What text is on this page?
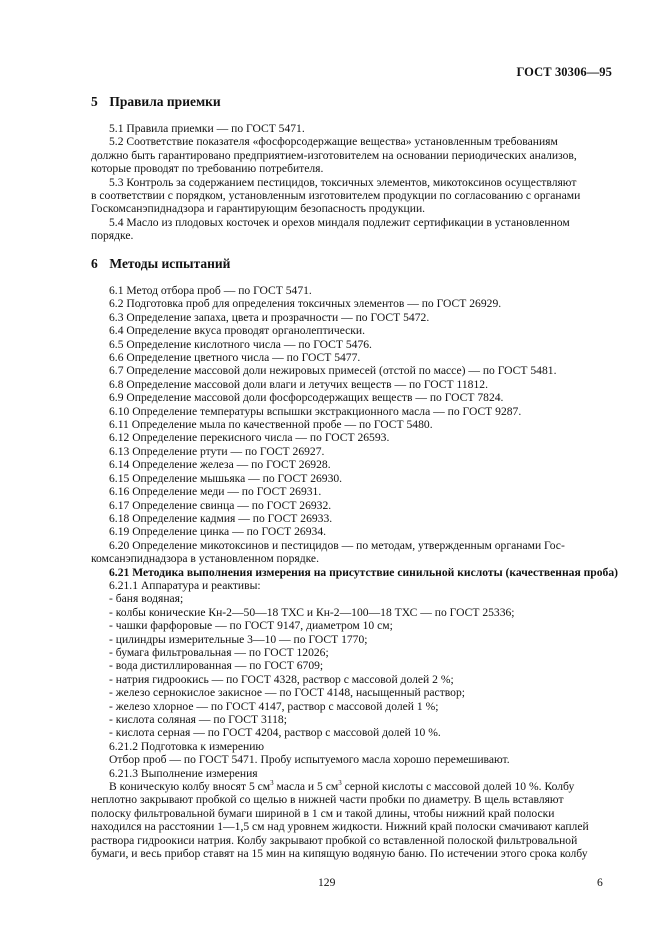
ГОСТ 30306—95
5 Правила приемки
5.1 Правила приемки — по ГОСТ 5471.
5.2 Соответствие показателя «фосфорсодержащие вещества» установленным требованиям
должно быть гарантировано предприятием-изготовителем на основании периодических анализов,
которые проводят по требованию потребителя.
5.3 Контроль за содержанием пестицидов, токсичных элементов, микотоксинов осуществляют
в соответствии с порядком, установленным изготовителем продукции по согласованию с органами
Госкомсанэпиднадзора и гарантирующим безопасность продукции.
5.4 Масло из плодовых косточек и орехов миндаля подлежит сертификации в установленном
порядке.
6 Методы испытаний
6.1 Метод отбора проб — по ГОСТ 5471.
6.2 Подготовка проб для определения токсичных элементов — по ГОСТ 26929.
6.3 Определение запаха, цвета и прозрачности — по ГОСТ 5472.
6.4 Определение вкуса проводят органолептически.
6.5 Определение кислотного числа — по ГОСТ 5476.
6.6 Определение цветного числа — по ГОСТ 5477.
6.7 Определение массовой доли нежировых примесей (отстой по массе) — по ГОСТ 5481.
6.8 Определение массовой доли влаги и летучих веществ — по ГОСТ 11812.
6.9 Определение массовой доли фосфорсодержащих веществ — по ГОСТ 7824.
6.10 Определение температуры вспышки экстракционного масла — по ГОСТ 9287.
6.11 Определение мыла по качественной пробе — по ГОСТ 5480.
6.12 Определение перекисного числа — по ГОСТ 26593.
6.13 Определение ртути — по ГОСТ 26927.
6.14 Определение железа — по ГОСТ 26928.
6.15 Определение мышьяка — по ГОСТ 26930.
6.16 Определение меди — по ГОСТ 26931.
6.17 Определение свинца — по ГОСТ 26932.
6.18 Определение кадмия — по ГОСТ 26933.
6.19 Определение цинка — по ГОСТ 26934.
6.20 Определение микотоксинов и пестицидов — по методам, утвержденным органами Гос-
комсанэпиднадзора в установленном порядке.
6.21 Методика выполнения измерения на присутствие синильной кислоты (качественная проба)
6.21.1 Аппаратура и реактивы:
- баня водяная;
- колбы конические Кн-2—50—18 ТХС и Кн-2—100—18 ТХС — по ГОСТ 25336;
- чашки фарфоровые — по ГОСТ 9147, диаметром 10 см;
- цилиндры измерительные 3—10 — по ГОСТ 1770;
- бумага фильтровальная — по ГОСТ 12026;
- вода дистиллированная — по ГОСТ 6709;
- натрия гидроокись — по ГОСТ 4328, раствор с массовой долей 2 %;
- железо сернокислое закисное — по ГОСТ 4148, насыщенный раствор;
- железо хлорное — по ГОСТ 4147, раствор с массовой долей 1 %;
- кислота соляная — по ГОСТ 3118;
- кислота серная — по ГОСТ 4204, раствор с массовой долей 10 %.
6.21.2 Подготовка к измерению
Отбор проб — по ГОСТ 5471. Пробу испытуемого масла хорошо перемешивают.
6.21.3 Выполнение измерения
В коническую колбу вносят 5 $см^3$ масла и 5 $см^3$ серной кислоты с массовой долей 10 %. Колбу
неплотно закрывают пробкой со щелью в нижней части пробки по диаметру. В щель вставляют
полоску фильтровальной бумаги шириной в 1 см и такой длины, чтобы нижний край полоски
находился на расстоянии 1—1,5 см над уровнем жидкости. Нижний край полоски смачивают каплей
раствора гидроокиси натрия. Колбу закрывают пробкой со вставленной полоской фильтровальной
бумаги, и весь прибор ставят на 15 мин на кипящую водяную баню. По истечении этого срока колбу
129	6
